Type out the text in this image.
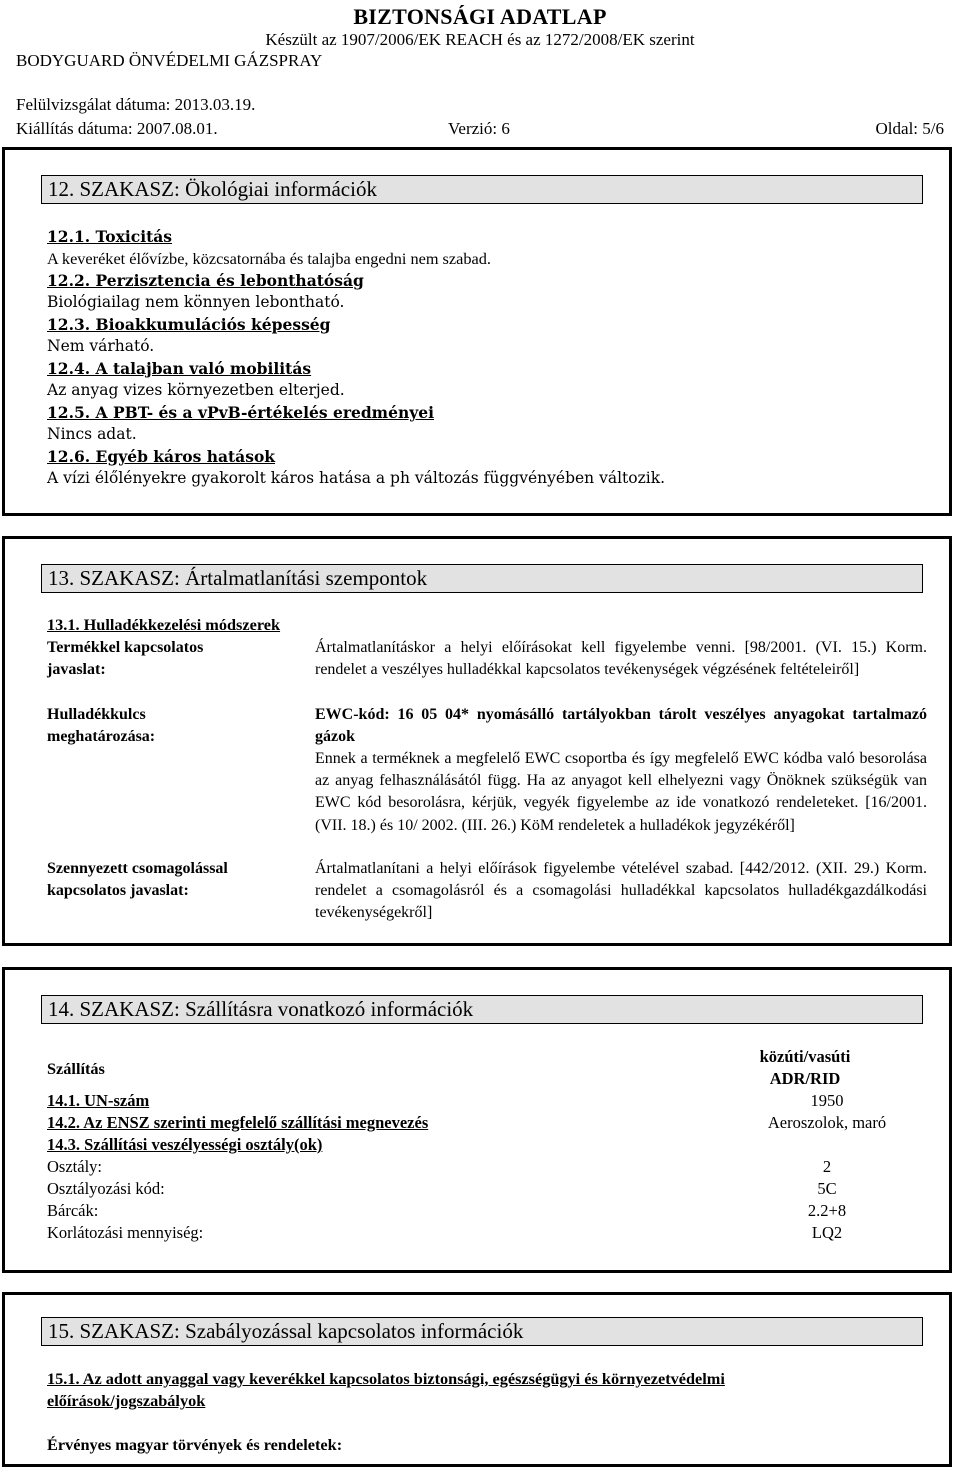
BIZTONSÁGI ADATLAP
Készült az 1907/2006/EK REACH és az 1272/2008/EK szerint
BODYGUARD ÖNVÉDELMI GÁZSPRAY
Felülvizsgálat dátuma: 2013.03.19.
Kiállítás dátuma: 2007.08.01.	Verzió: 6	Oldal: 5/6
12. SZAKASZ: Ökológiai információk
12.1. Toxicitás
A keveréket élővízbe, közcsatornába és talajba engedni nem szabad.
12.2. Perzisztencia és lebonthatóság
Biológiailag nem könnyen lebontható.
12.3. Bioakkumulációs képesség
Nem várható.
12.4. A talajban való mobilitás
Az anyag vizes környezetben elterjed.
12.5. A PBT- és a vPvB-értékelés eredményei
Nincs adat.
12.6. Egyéb káros hatások
A vízi élőlényekre gyakorolt káros hatása a ph változás függvényében változik.
13. SZAKASZ: Ártalmatlanítási szempontok
13.1. Hulladékkezelési módszerek
Termékkel kapcsolatos javaslat:
Ártalmatlanításkor a helyi előírásokat kell figyelembe venni. [98/2001. (VI. 15.) Korm. rendelet a veszélyes hulladékkal kapcsolatos tevékenységek végzésének feltételeiről]
Hulladékkulcs meghatározása:
EWC-kód: 16 05 04* nyomásálló tartályokban tárolt veszélyes anyagokat tartalmazó gázok
Ennek a terméknek a megfelelő EWC csoportba és így megfelelő EWC kódba való besorolása az anyag felhasználásától függ. Ha az anyagot kell elhelyezni vagy Önöknek szükségük van EWC kód besorolásra, kérjük, vegyék figyelembe az ide vonatkozó rendeleteket. [16/2001. (VII. 18.) és 10/ 2002. (III. 26.) KöM rendeletek a hulladékok jegyzékéről]
Szennyezett csomagolással kapcsolatos javaslat:
Ártalmatlanítani a helyi előírások figyelembe vételével szabad. [442/2012. (XII. 29.) Korm. rendelet a csomagolásról és a csomagolási hulladékkal kapcsolatos hulladékgazdálkodási tevékenységekről]
14. SZAKASZ: Szállításra vonatkozó információk
Szállítás
közúti/vasúti
ADR/RID
14.1. UN-szám	1950
14.2. Az ENSZ szerinti megfelelő szállítási megnevezés	Aeroszolok, maró
14.3. Szállítási veszélyességi osztály(ok)
Osztály:	2
Osztályozási kód:	5C
Bárcák:	2.2+8
Korlátozási mennyiség:	LQ2
15. SZAKASZ: Szabályozással kapcsolatos információk
15.1. Az adott anyaggal vagy keverékkel kapcsolatos biztonsági, egészségügyi és környezetvédelmi
előírások/jogszabályok
Érvényes magyar törvények és rendeletek:
